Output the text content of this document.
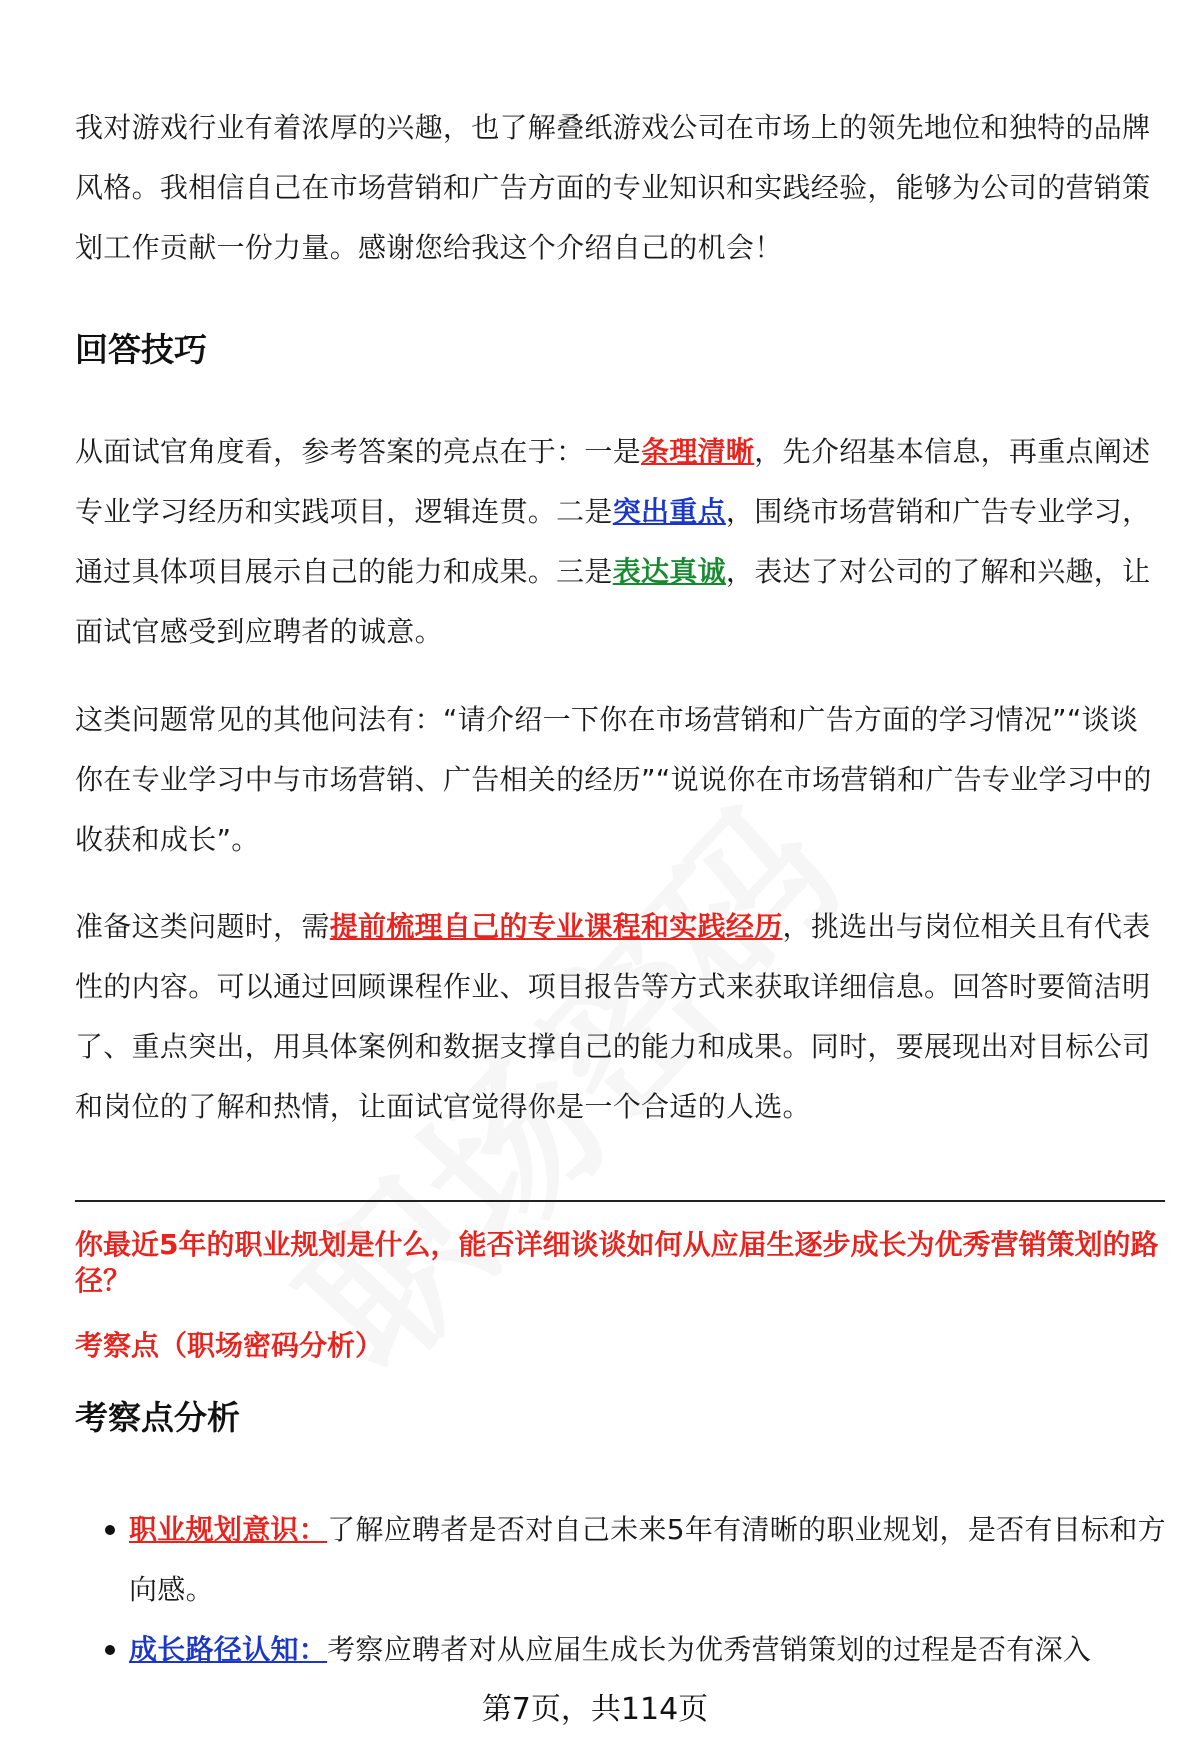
我对游戏行业有着浓厚的兴趣，也了解叠纸游戏公司在市场上的领先地位和独特的品牌风格。我相信自己在市场营销和广告方面的专业知识和实践经验，能够为公司的营销策划工作贡献一份力量。感谢您给我这个介绍自己的机会！

回答技巧

从面试官角度看，参考答案的亮点在于：一是条理清晰，先介绍基本信息，再重点阐述专业学习经历和实践项目，逻辑连贯。二是突出重点，围绕市场营销和广告专业学习，通过具体项目展示自己的能力和成果。三是表达真诚，表达了对公司的了解和兴趣，让面试官感受到应聘者的诚意。

这类问题常见的其他问法有：“请介绍一下你在市场营销和广告方面的学习情况”“谈谈你在专业学习中与市场营销、广告相关的经历”“说说你在市场营销和广告专业学习中的收获和成长”。

准备这类问题时，需提前梳理自己的专业课程和实践经历，挑选出与岗位相关且有代表性的内容。可以通过回顾课程作业、项目报告等方式来获取详细信息。回答时要简洁明了、重点突出，用具体案例和数据支撑自己的能力和成果。同时，要展现出对目标公司和岗位的了解和热情，让面试官觉得你是一个合适的人选。

你最近5年的职业规划是什么，能否详细谈谈如何从应届生逐步成长为优秀营销策划的路径？

考察点（职场密码分析）

考察点分析
职业规划意识：了解应聘者是否对自己未来5年有清晰的职业规划，是否有目标和方向感。
成长路径认知：考察应聘者对从应届生成长为优秀营销策划的过程是否有深入
第7页，共114页
